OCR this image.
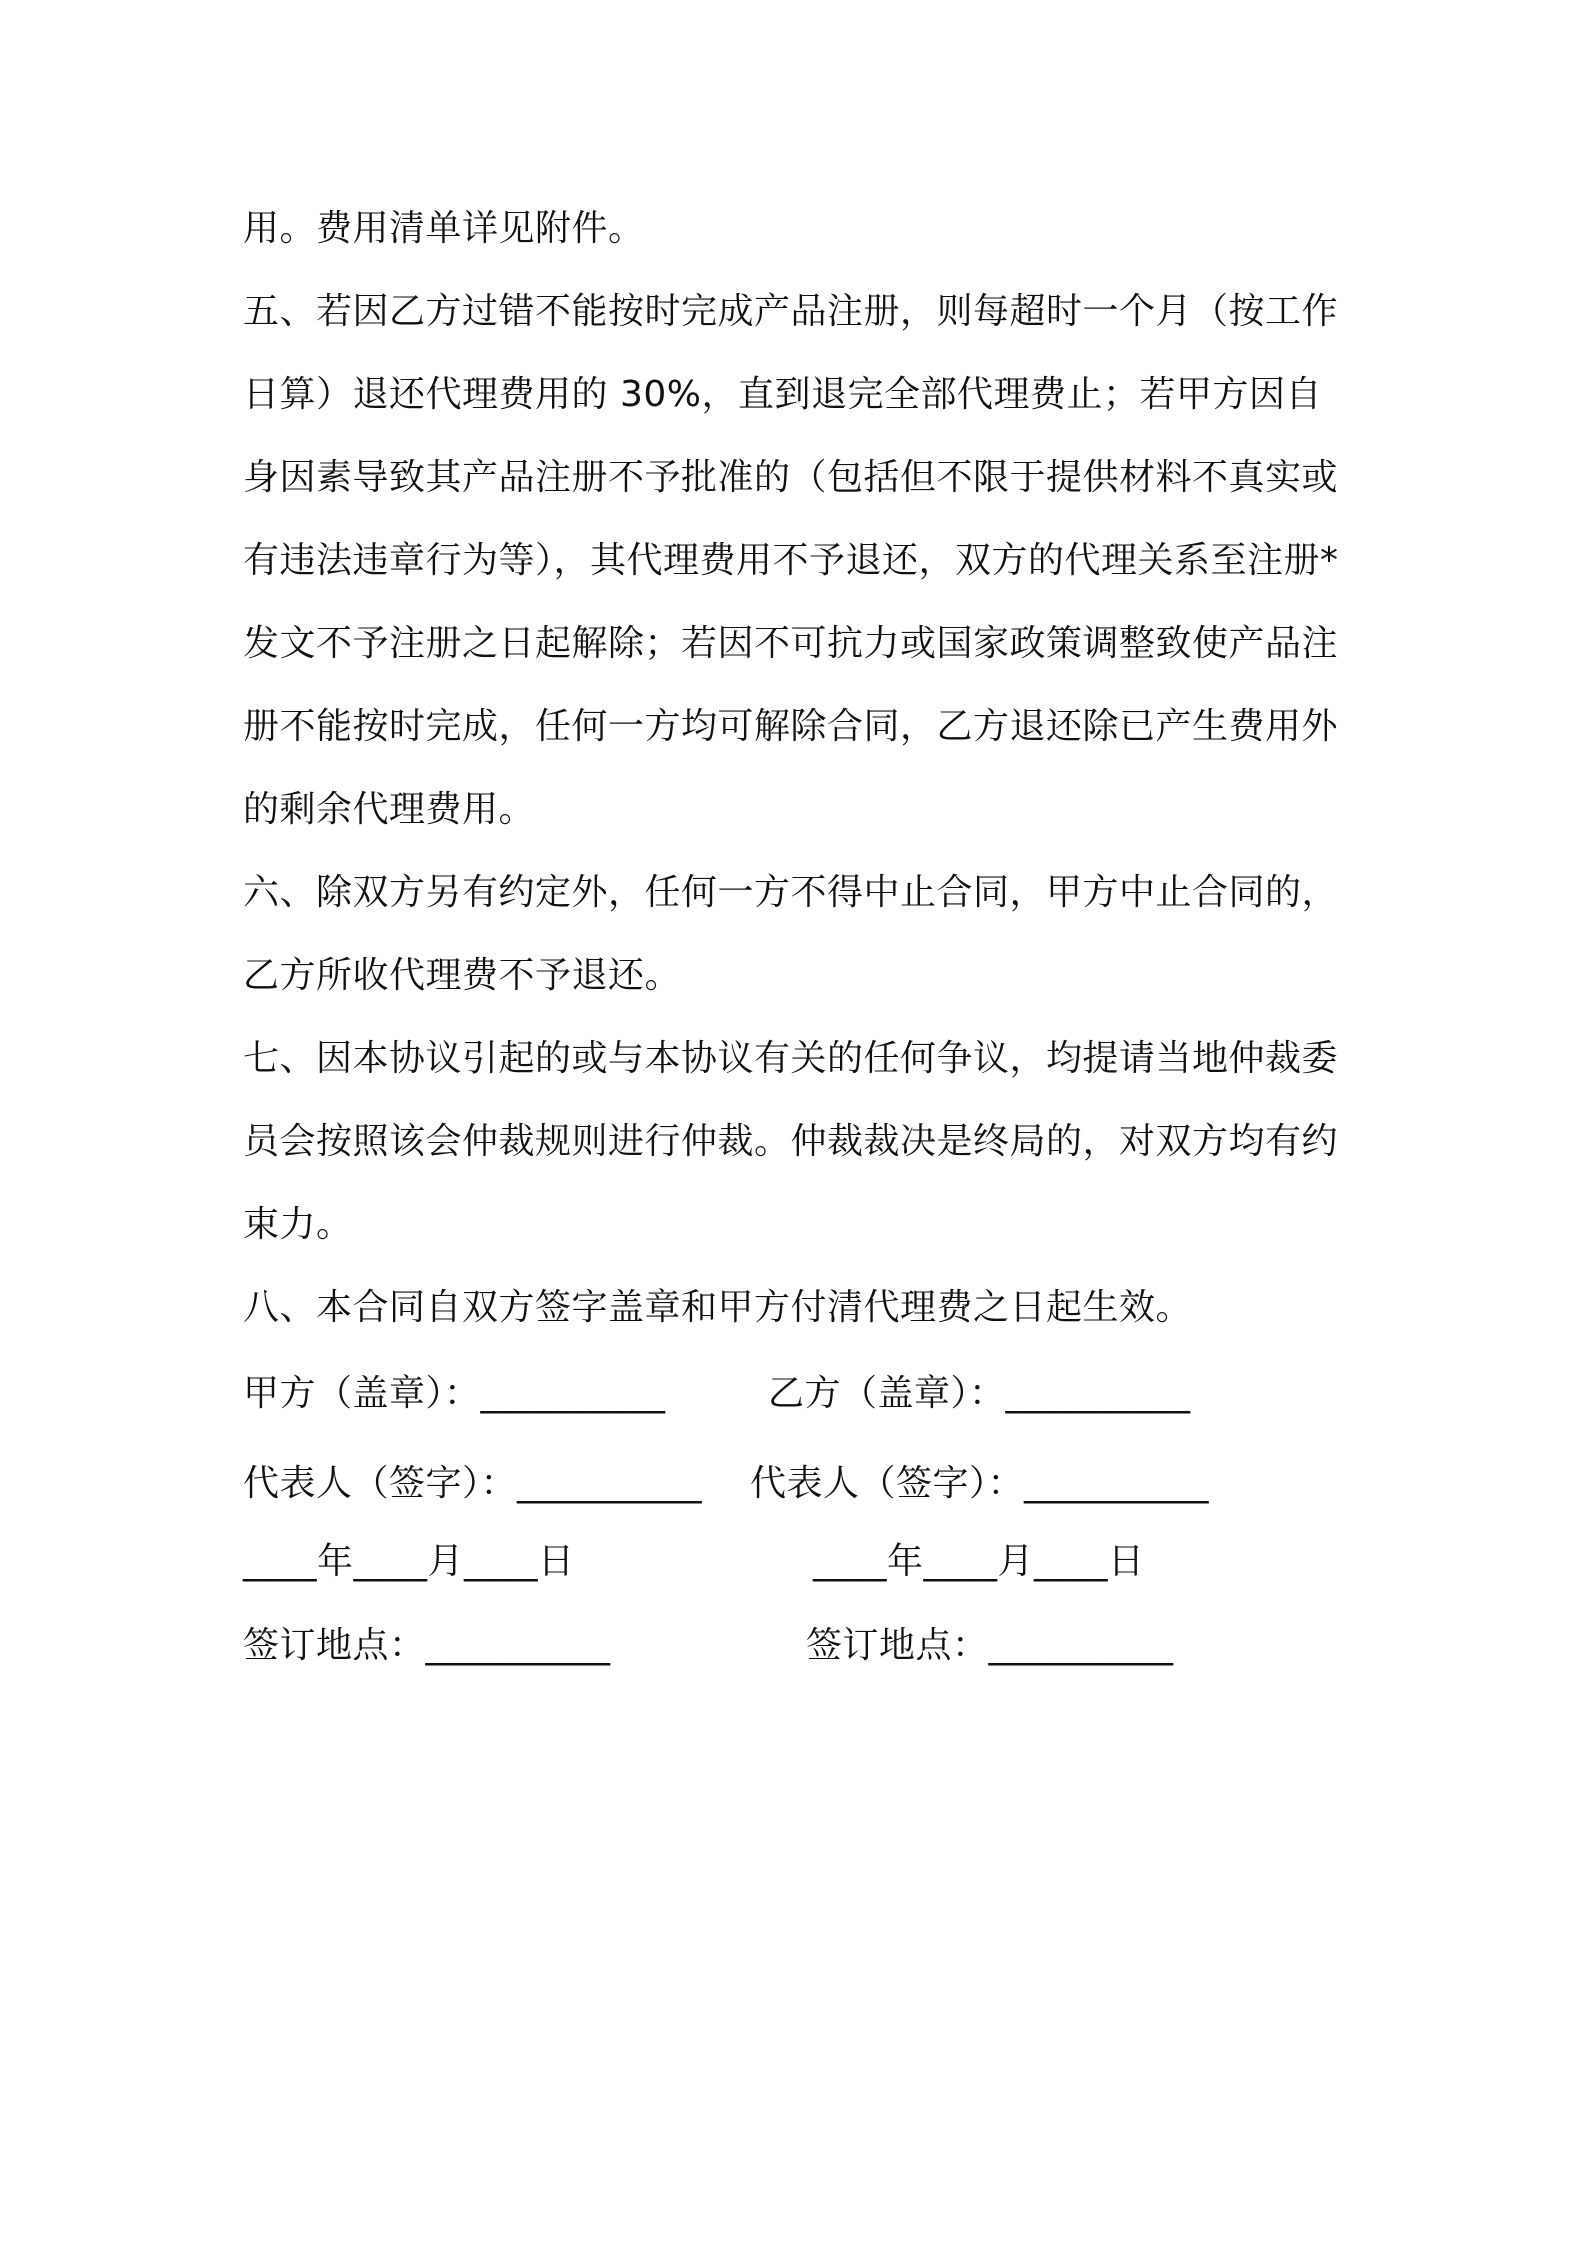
用。费用清单详见附件。
五、若因乙方过错不能按时完成产品注册，则每超时一个月（按工作
日算）退还代理费用的 30%，直到退完全部代理费止；若甲方因自
身因素导致其产品注册不予批准的（包括但不限于提供材料不真实或
有违法违章行为等），其代理费用不予退还，双方的代理关系至注册*
发文不予注册之日起解除；若因不可抗力或国家政策调整致使产品注
册不能按时完成，任何一方均可解除合同，乙方退还除已产生费用外
的剩余代理费用。
六、除双方另有约定外，任何一方不得中止合同，甲方中止合同的，
乙方所收代理费不予退还。
七、因本协议引起的或与本协议有关的任何争议，均提请当地仲裁委
员会按照该会仲裁规则进行仲裁。仲裁裁决是终局的，对双方均有约
束力。
八、本合同自双方签字盖章和甲方付清代理费之日起生效。
甲方（盖章）：__________	乙方（盖章）：__________
代表人（签字）：__________ 代表人（签字）：__________
____年____月____日	____年____月____日
签订地点：__________	签订地点：__________
